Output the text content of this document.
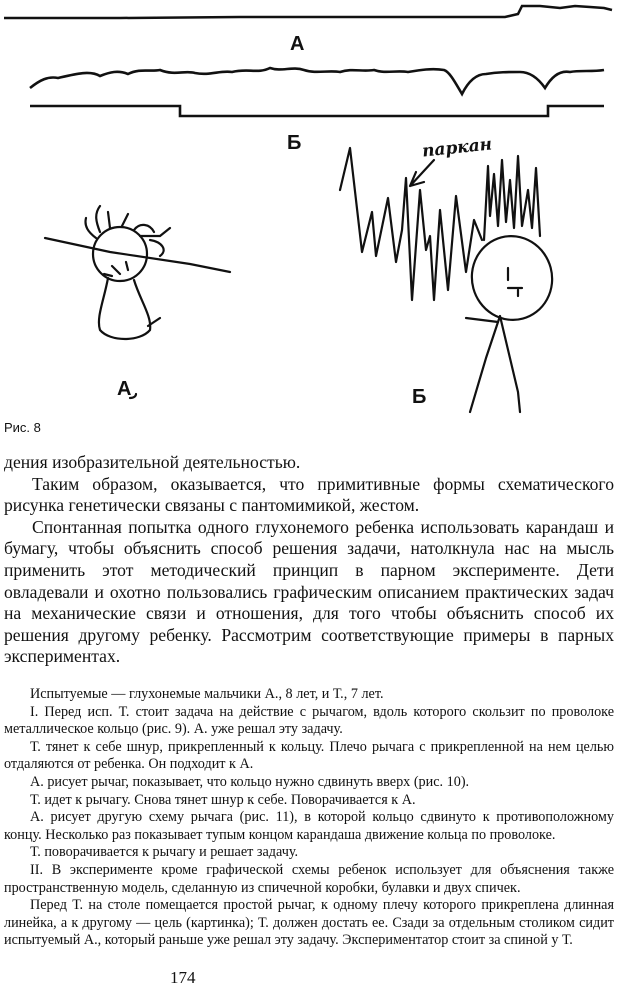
А
Б
А	Б
паркан
Рис. 8

дения изобразительной деятельностью.

Таким образом, оказывается, что примитивные формы схематического рисунка генетически связаны с пантомимикой, жестом.

Спонтанная попытка одного глухонемого ребенка использовать карандаш и бумагу, чтобы объяснить способ решения задачи, натолкнула нас на мысль применить этот методический принцип в парном эксперименте. Дети овладевали и охотно пользовались графическим описанием практических задач на механические связи и отношения, для того чтобы объяснить способ их решения другому ребенку. Рассмотрим соответствующие примеры в парных экспериментах.

Испытуемые — глухонемые мальчики А., 8 лет, и Т., 7 лет.

I. Перед исп. Т. стоит задача на действие с рычагом, вдоль которого скользит по проволоке металлическое кольцо (рис. 9). А. уже решал эту задачу.

Т. тянет к себе шнур, прикрепленный к кольцу. Плечо рычага с прикрепленной на нем целью отдаляются от ребенка. Он подходит к А.

А. рисует рычаг, показывает, что кольцо нужно сдвинуть вверх (рис. 10).

Т. идет к рычагу. Снова тянет шнур к себе. Поворачивается к А.

А. рисует другую схему рычага (рис. 11), в которой кольцо сдвинуто к противоположному концу. Несколько раз показывает тупым концом карандаша движение кольца по проволоке.

Т. поворачивается к рычагу и решает задачу.

II. В эксперименте кроме графической схемы ребенок использует для объяснения также пространственную модель, сделанную из спичечной коробки, булавки и двух спичек.

Перед Т. на столе помещается простой рычаг, к одному плечу которого прикреплена длинная линейка, а к другому — цель (картинка); Т. должен достать ее. Сзади за отдельным столиком сидит испытуемый А., который раньше уже решал эту задачу. Экспериментатор стоит за спиной у Т.

174
